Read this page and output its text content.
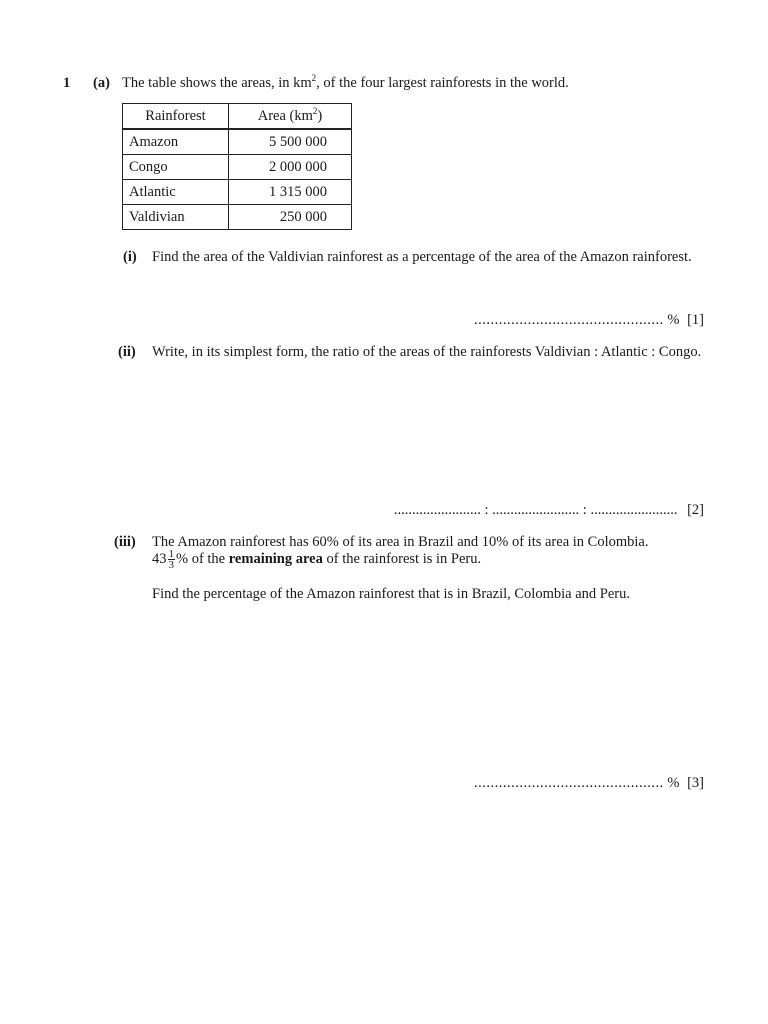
1 (a) The table shows the areas, in $km^2$, of the four largest rainforests in the world.
Rainforest	Area $(km^2)$
Amazon	5 500 000
Congo	2 000 000
Atlantic	1 315 000
Valdivian	250 000
(i) Find the area of the Valdivian rainforest as a percentage of the area of the Amazon rainforest.
.............................................. % [1]
(ii) Write, in its simplest form, the ratio of the areas of the rainforests Valdivian : Atlantic : Congo.
........................ : ........................ : ........................ [2]
(iii) The Amazon rainforest has 60% of its area in Brazil and 10% of its area in Colombia.
$43 \frac{1}{3}$ % of the remaining area of the rainforest is in Peru.
Find the percentage of the Amazon rainforest that is in Brazil, Colombia and Peru.
.............................................. % [3]
